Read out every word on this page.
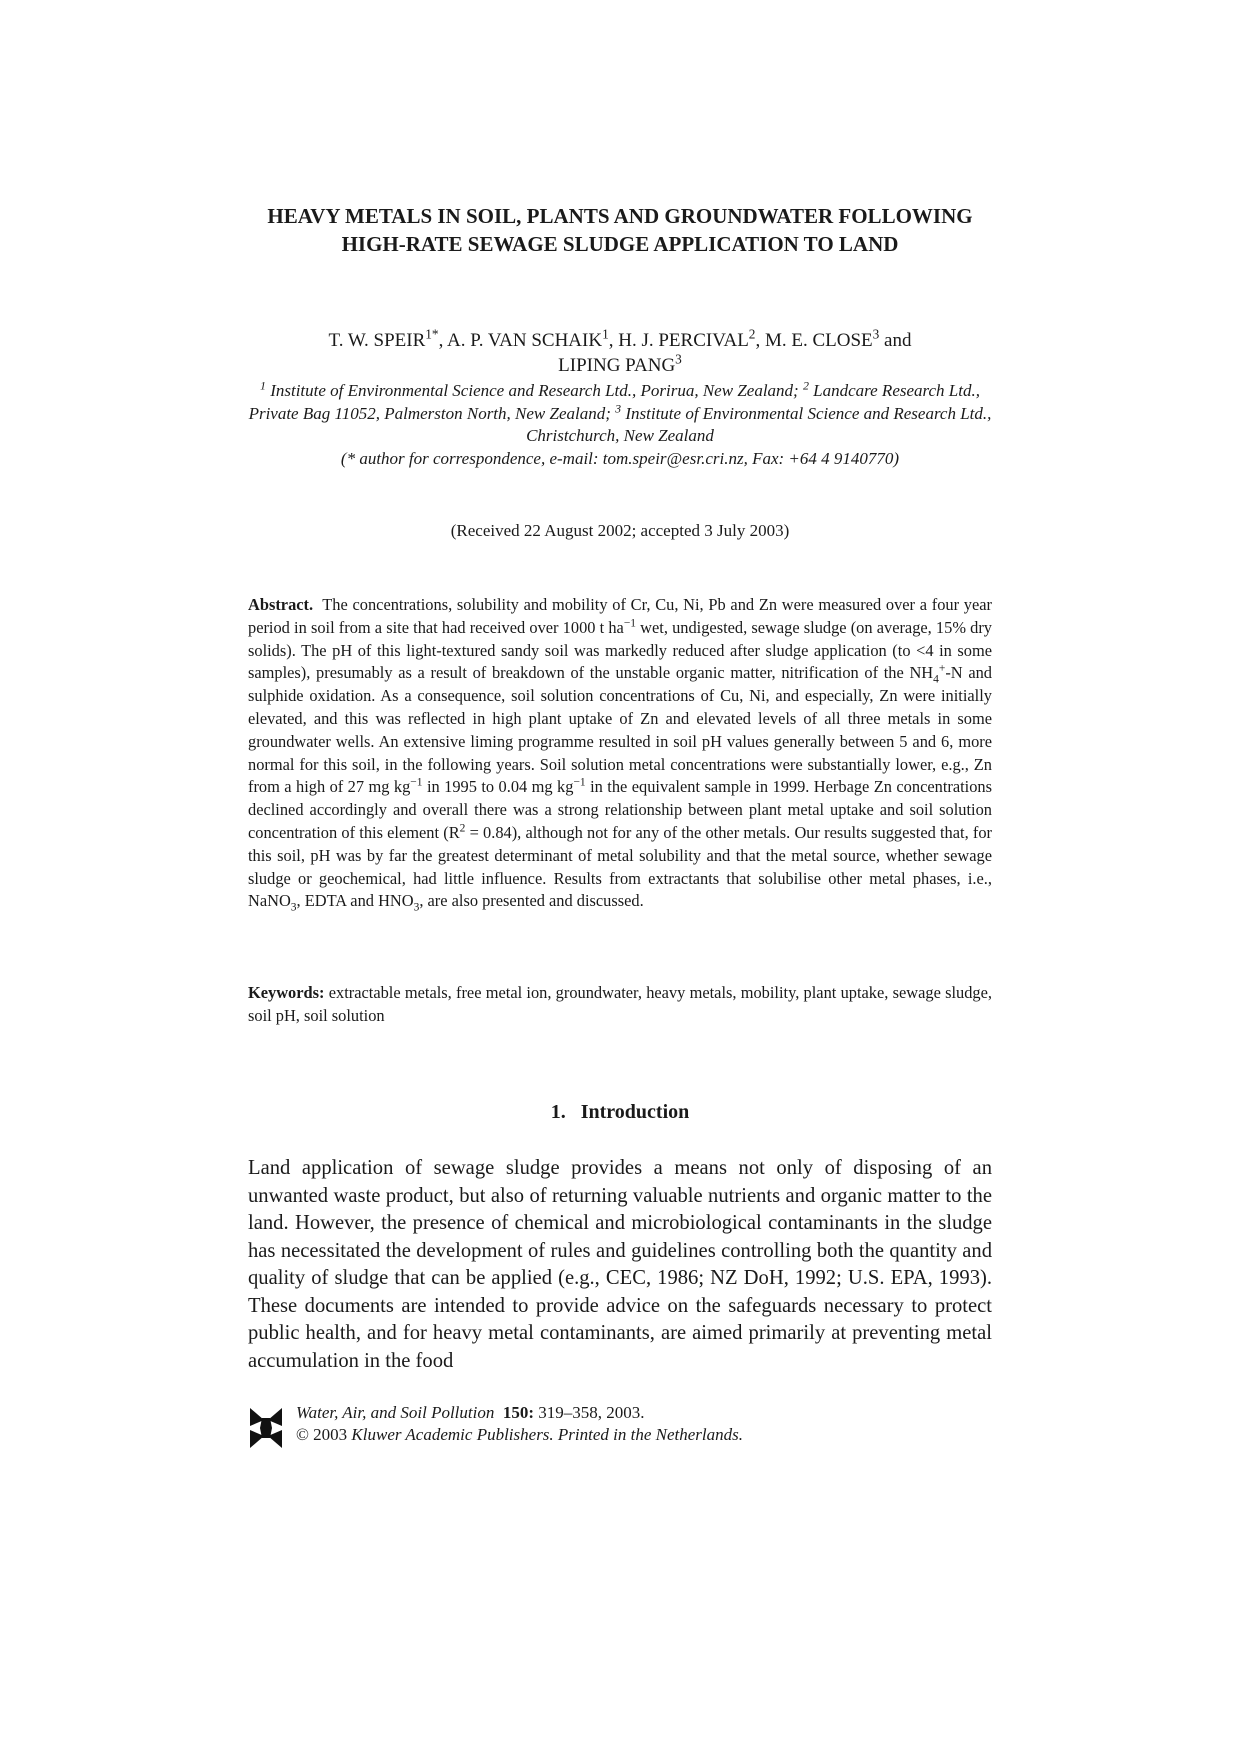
HEAVY METALS IN SOIL, PLANTS AND GROUNDWATER FOLLOWING HIGH-RATE SEWAGE SLUDGE APPLICATION TO LAND

T. W. $SPEIR^{1*}$, A. P. VAN SCHAIK$^1$, H. J. PERCIVAL$^2$, M. E. CLOSE$^3$ and
LIPING PANG$^3$

$^1$ Institute of Environmental Science and Research Ltd., Porirua, New Zealand; $^2$ Landcare Research Ltd., Private Bag 11052, Palmerston North, New Zealand; $^3$ Institute of Environmental Science and Research Ltd., Christchurch, New Zealand
(* author for correspondence, e-mail: tom.speir@esr.cri.nz, Fax: +64 4 9140770)

(Received 22 August 2002; accepted 3 July 2003)

Abstract. The concentrations, solubility and mobility of Cr, Cu, Ni, Pb and Zn were measured over a four year period in soil from a site that had received over 1000 t $ha^{-1}$ wet, undigested, sewage sludge (on average, 15% dry solids). The pH of this light-textured sandy soil was markedly reduced after sludge application (to <4 in some samples), presumably as a result of breakdown of the unstable organic matter, nitrification of the $NH_4^+-N$ and sulphide oxidation. As a consequence, soil solution concentrations of Cu, Ni, and especially, Zn were initially elevated, and this was reflected in high plant uptake of Zn and elevated levels of all three metals in some groundwater wells. An extensive liming programme resulted in soil pH values generally between 5 and 6, more normal for this soil, in the following years. Soil solution metal concentrations were substantially lower, e.g., Zn from a high of 27 mg $kg^{-1}$ in 1995 to 0.04 mg $kg^{-1}$ in the equivalent sample in 1999. Herbage Zn concentrations declined accordingly and overall there was a strong relationship between plant metal uptake and soil solution concentration of this element $(R^2 = 0.84)$, although not for any of the other metals. Our results suggested that, for this soil, pH was by far the greatest determinant of metal solubility and that the metal source, whether sewage sludge or geochemical, had little influence. Results from extractants that solubilise other metal phases, i.e., NaNO$_3$, EDTA and $HNO_3$, are also presented and discussed.

Keywords: extractable metals, free metal ion, groundwater, heavy metals, mobility, plant uptake, sewage sludge, soil pH, soil solution

1. Introduction

Land application of sewage sludge provides a means not only of disposing of an unwanted waste product, but also of returning valuable nutrients and organic matter to the land. However, the presence of chemical and microbiological contaminants in the sludge has necessitated the development of rules and guidelines controlling both the quantity and quality of sludge that can be applied (e.g., CEC, 1986; NZ DoH, 1992; U.S. EPA, 1993). These documents are intended to provide advice on the safeguards necessary to protect public health, and for heavy metal contaminants, are aimed primarily at preventing metal accumulation in the food

Water, Air, and Soil Pollution 150: 319–358, 2003.
© 2003 Kluwer Academic Publishers. Printed in the Netherlands.
